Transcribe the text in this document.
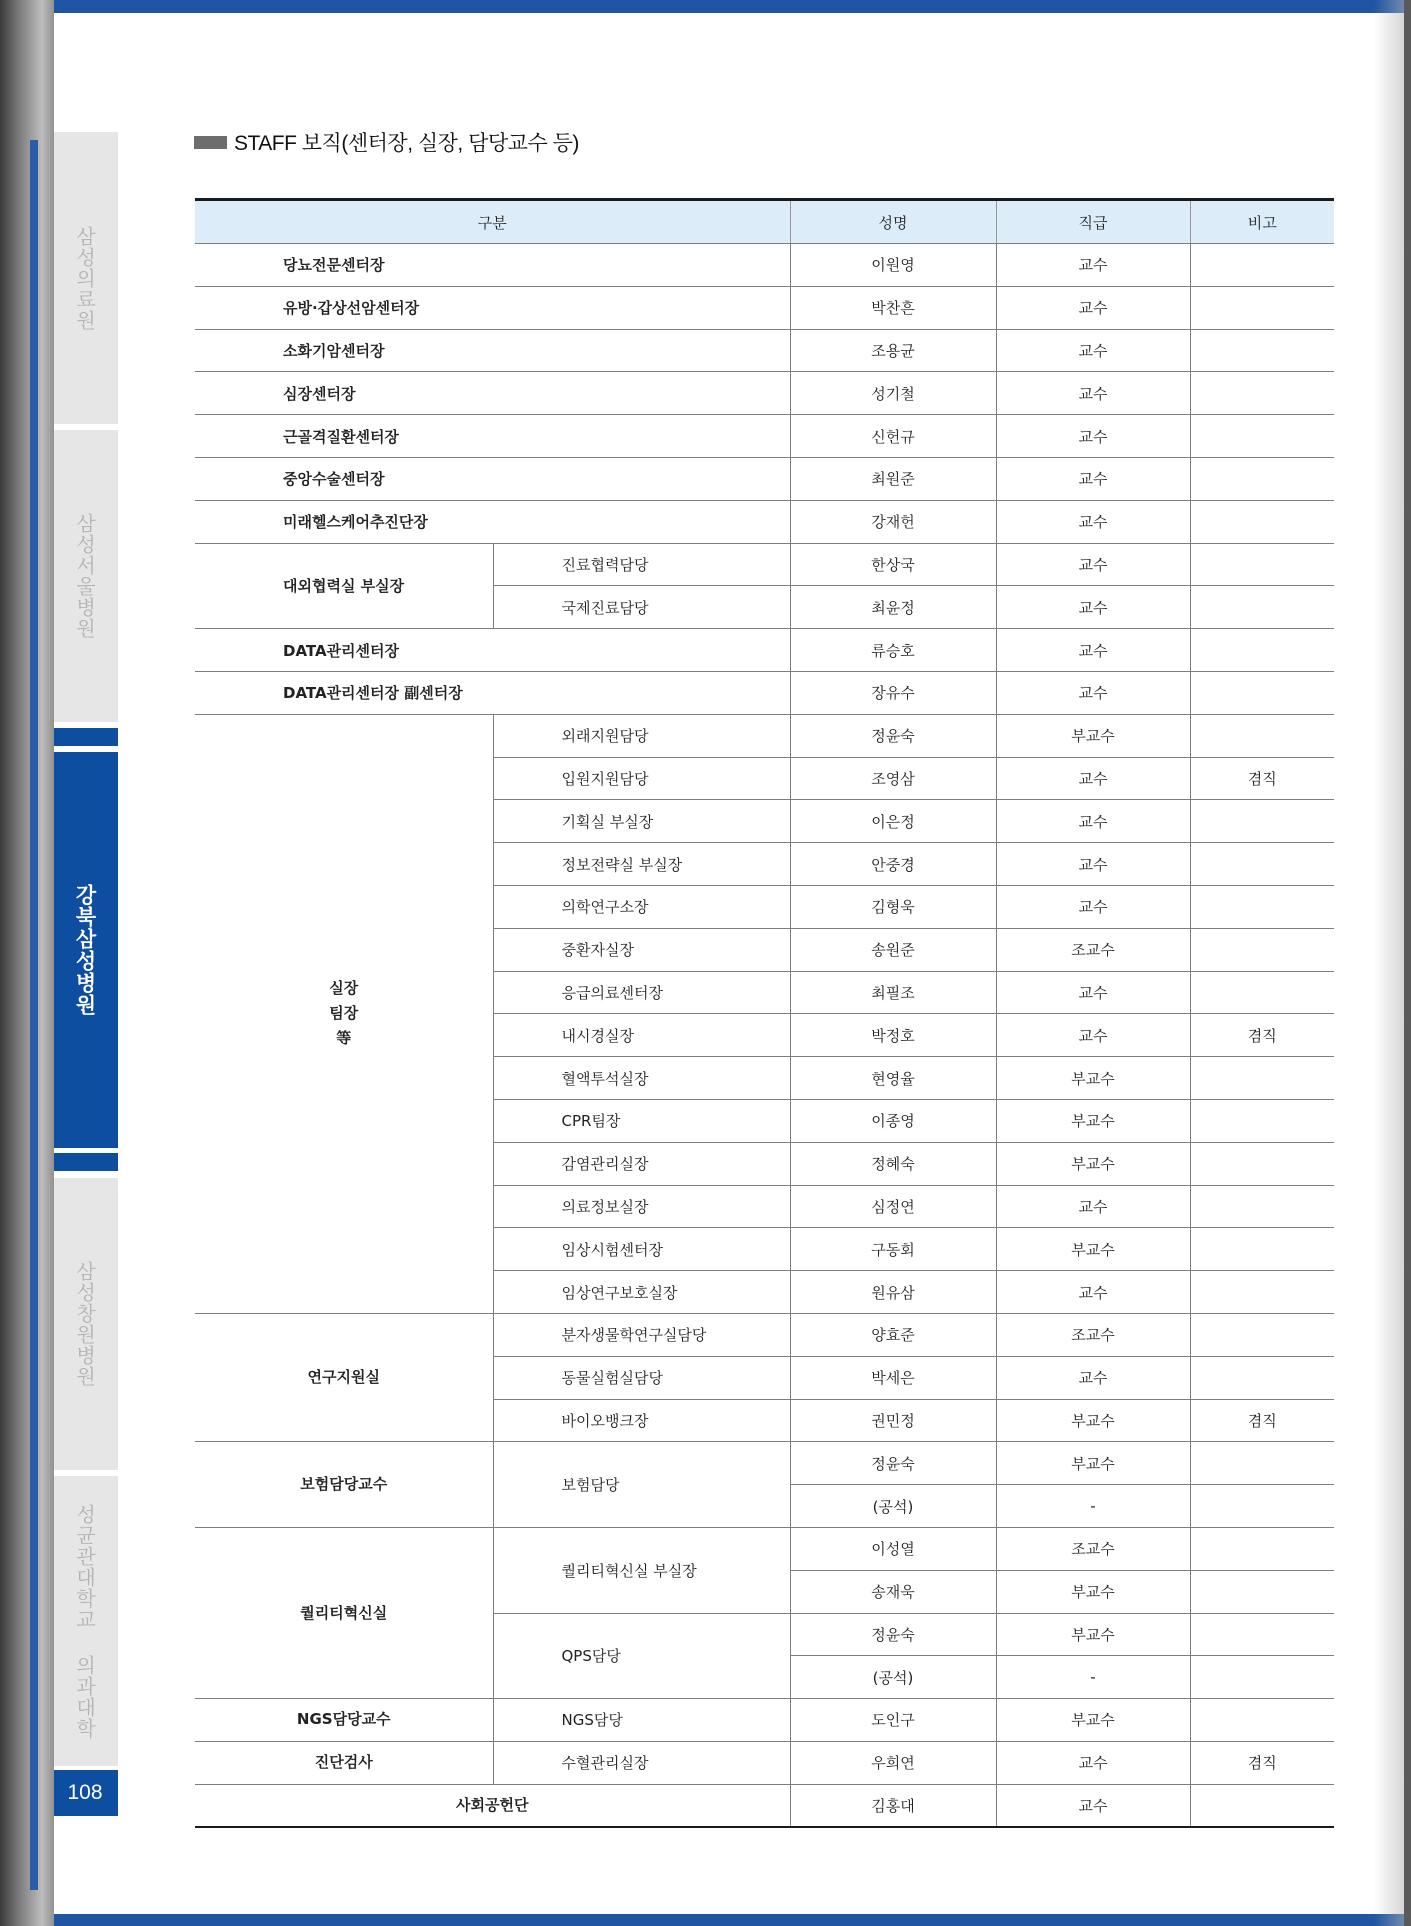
삼성의료원
삼성서울병원
강북삼성병원
삼성창원병원
성균관대학교 의과대학
108
STAFF 보직(센터장, 실장, 담당교수 등)
구분		성명	직급	비고
당뇨전문센터장		이원영	교수	
유방·갑상선암센터장		박찬흔	교수	
소화기암센터장		조용균	교수	
심장센터장		성기철	교수	
근골격질환센터장		신헌규	교수	
중앙수술센터장		최원준	교수	
미래헬스케어추진단장		강재헌	교수	
대외협력실 부실장	진료협력담당	한상국	교수	
	국제진료담당	최윤정	교수	
DATA관리센터장		류승호	교수	
DATA관리센터장 副센터장		장유수	교수	
실장
팀장
等	외래지원담당	정윤숙	부교수	
	입원지원담당	조영삼	교수	겸직
	기획실 부실장	이은정	교수	
	정보전략실 부실장	안중경	교수	
	의학연구소장	김형욱	교수	
	중환자실장	송원준	조교수	
	응급의료센터장	최필조	교수	
	내시경실장	박정호	교수	겸직
	혈액투석실장	현영율	부교수	
	CPR팀장	이종영	부교수	
	감염관리실장	정혜숙	부교수	
	의료정보실장	심정연	교수	
	임상시험센터장	구동회	부교수	
	임상연구보호실장	원유삼	교수	
연구지원실	분자생물학연구실담당	양효준	조교수	
	동물실험실담당	박세은	교수	
	바이오뱅크장	권민정	부교수	겸직
보험담당교수	보험담당	정윤숙	부교수	
		(공석)	-	
퀄리티혁신실	퀄리티혁신실 부실장	이성열	조교수	
		송재욱	부교수	
	QPS담당	정윤숙	부교수	
		(공석)	-	
NGS담당교수	NGS담당	도인구	부교수	
진단검사	수혈관리실장	우희연	교수	겸직
사회공헌단		김홍대	교수	
